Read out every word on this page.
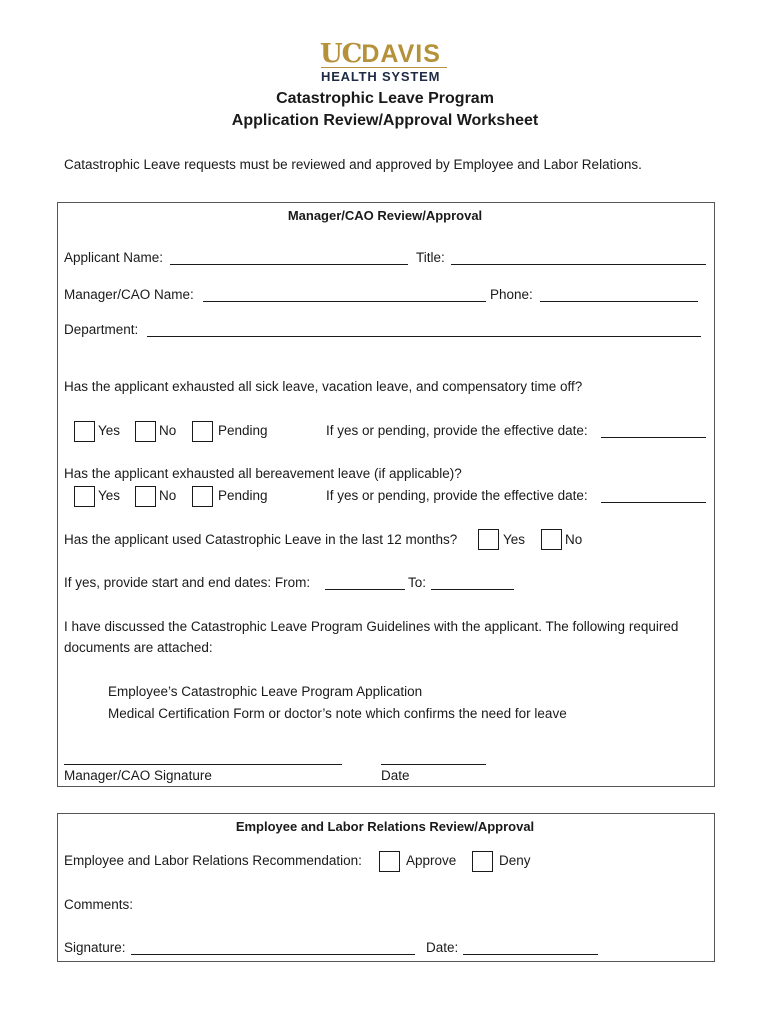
UCDAVIS
HEALTH SYSTEM
Catastrophic Leave Program
Application Review/Approval Worksheet
Catastrophic Leave requests must be reviewed and approved by Employee and Labor Relations.
Manager/CAO Review/Approval
Applicant Name:	Title:
Manager/CAO Name:	Phone:
Department:
Has the applicant exhausted all sick leave, vacation leave, and compensatory time off?
Yes	No	Pending	If yes or pending, provide the effective date:
Has the applicant exhausted all bereavement leave (if applicable)?
Yes	No	Pending	If yes or pending, provide the effective date:
Has the applicant used Catastrophic Leave in the last 12 months?	Yes	No
If yes, provide start and end dates: From:	To:
I have discussed the Catastrophic Leave Program Guidelines with the applicant. The following required
documents are attached:
Employee’s Catastrophic Leave Program Application
Medical Certification Form or doctor’s note which confirms the need for leave
Manager/CAO Signature	Date
Employee and Labor Relations Review/Approval
Employee and Labor Relations Recommendation:	Approve	Deny
Comments:
Signature:	Date:
